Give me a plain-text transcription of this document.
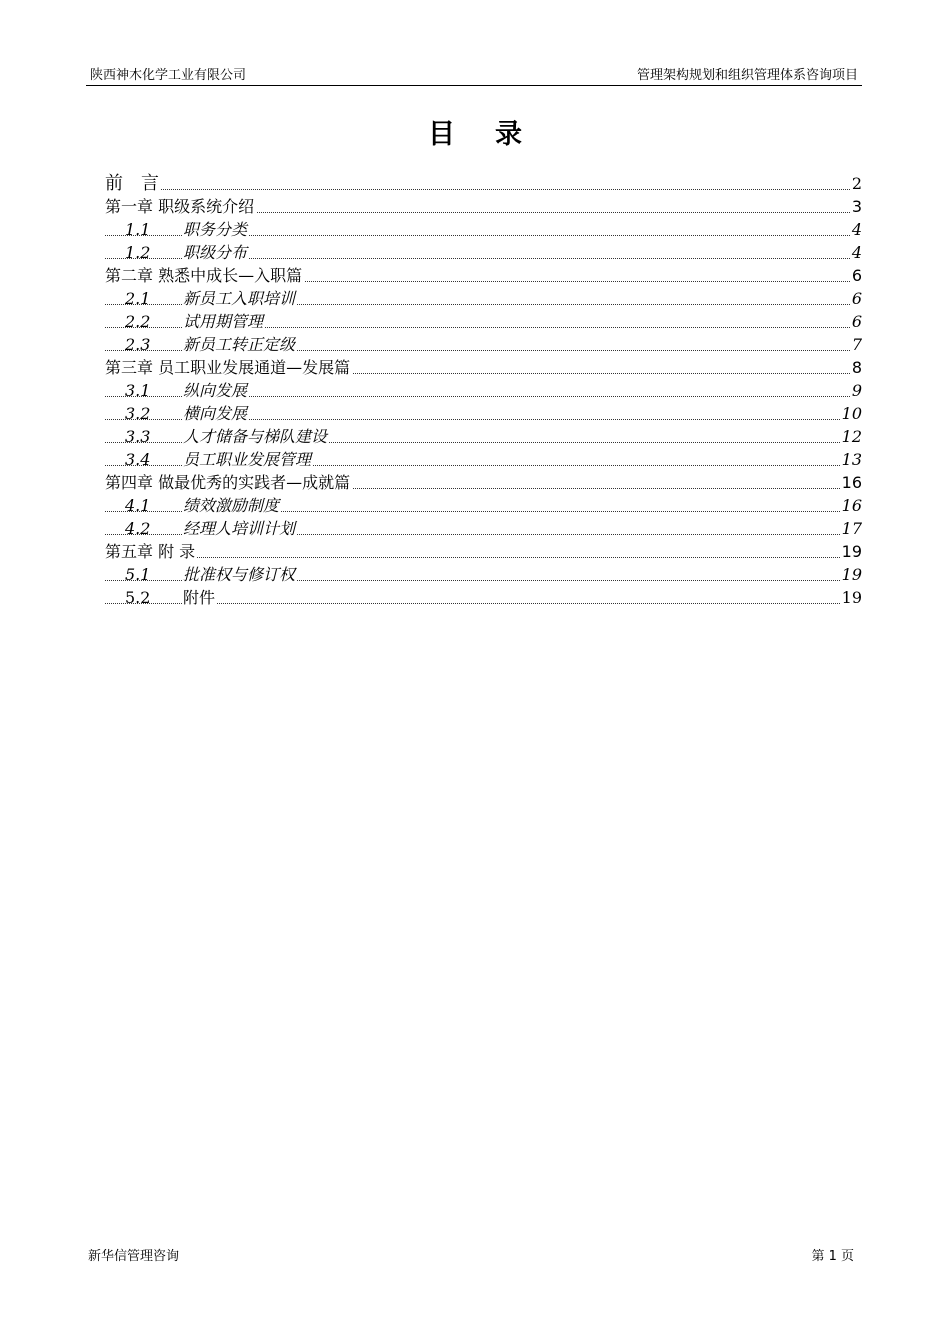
陕西神木化学工业有限公司	管理架构规划和组织管理体系咨询项目
目录
前　言	2
第一章 职级系统介绍	3
1.1 职务分类	4
1.2 职级分布	4
第二章 熟悉中成长—入职篇	6
2.1 新员工入职培训	6
2.2 试用期管理	6
2.3 新员工转正定级	7
第三章 员工职业发展通道—发展篇	8
3.1 纵向发展	9
3.2 横向发展	10
3.3 人才储备与梯队建设	12
3.4 员工职业发展管理	13
第四章 做最优秀的实践者—成就篇	16
4.1 绩效激励制度	16
4.2 经理人培训计划	17
第五章 附 录	19
5.1 批准权与修订权	19
5.2 附件	19
新华信管理咨询	第 1 页
